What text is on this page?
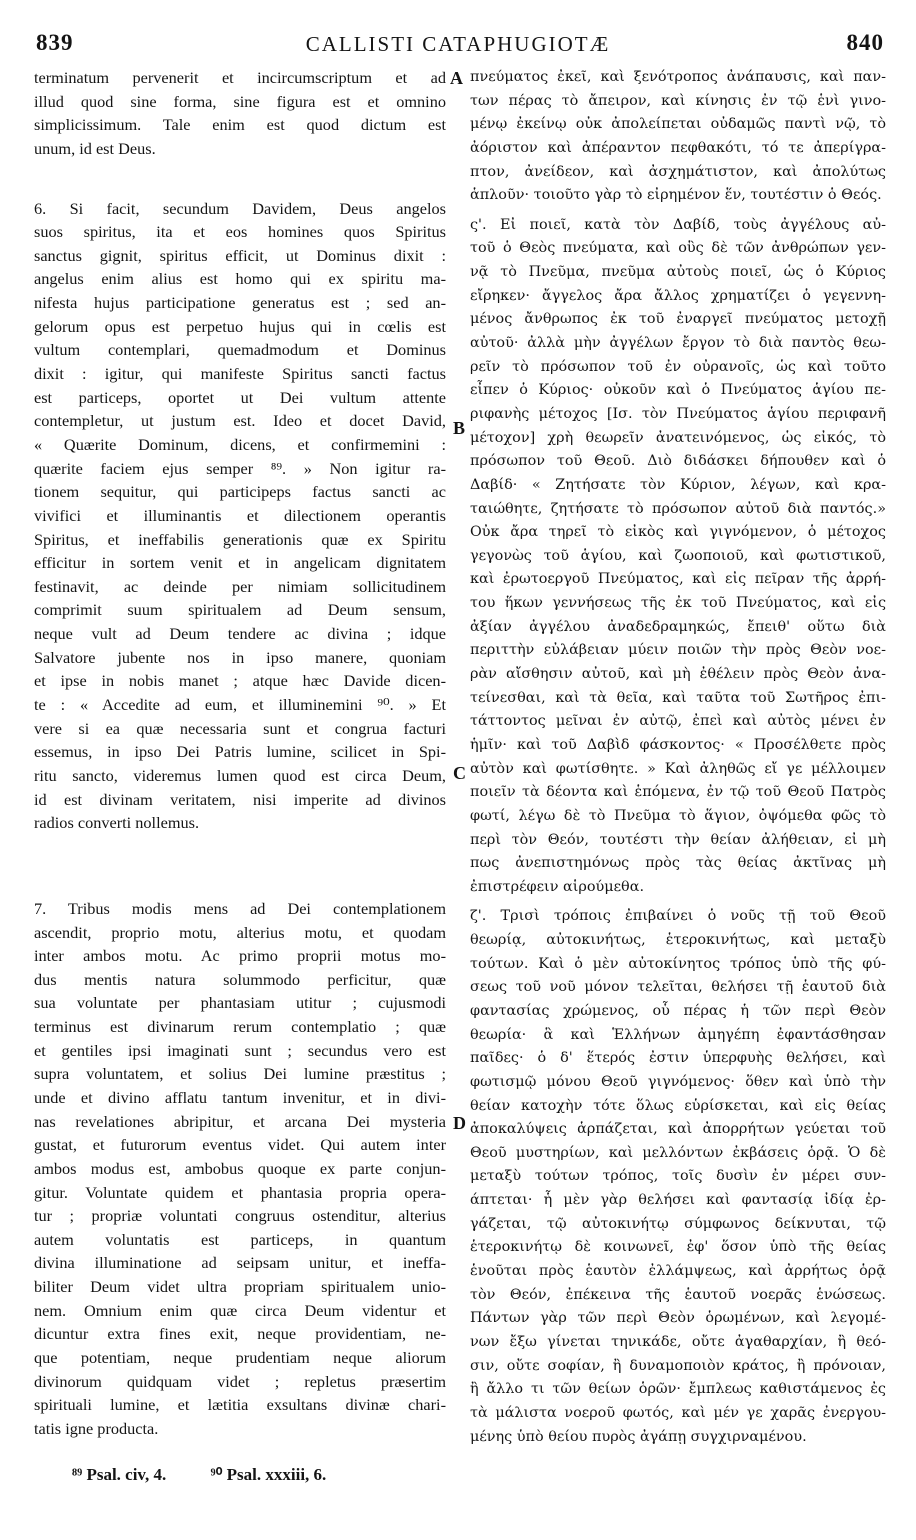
839	CALLISTI CATAPHUGIOTÆ	840
terminatum pervenerit et incircumscriptum et ad
illud quod sine forma, sine figura est et omnino
simplicissimum. Tale enim est quod dictum est
unum, id est Deus.
6. Si facit, secundum Davidem, Deus angelos
suos spiritus, ita et eos homines quos Spiritus
sanctus gignit, spiritus efficit, ut Dominus dixit :
angelus enim alius est homo qui ex spiritu ma-
nifesta hujus participatione generatus est ; sed an-
gelorum opus est perpetuo hujus qui in cœlis est
vultum contemplari, quemadmodum et Dominus
dixit : igitur, qui manifeste Spiritus sancti factus
est particeps, oportet ut Dei vultum attente
contempletur, ut justum est. Ideo et docet David,
« Quærite Dominum, dicens, et confirmemini :
quærite faciem ejus semper ⁸⁹. » Non igitur ra-
tionem sequitur, qui participeps factus sancti ac
vivifici et illuminantis et dilectionem operantis
Spiritus, et ineffabilis generationis quæ ex Spiritu
efficitur in sortem venit et in angelicam dignitatem
festinavit, ac deinde per nimiam sollicitudinem
comprimit suum spiritualem ad Deum sensum,
neque vult ad Deum tendere ac divina ; idque
Salvatore jubente nos in ipso manere, quoniam
et ipse in nobis manet ; atque hæc Davide dicen-
te : « Accedite ad eum, et illuminemini ⁹⁰. » Et
vere si ea quæ necessaria sunt et congrua facturi
essemus, in ipso Dei Patris lumine, scilicet in Spi-
ritu sancto, videremus lumen quod est circa Deum,
id est divinam veritatem, nisi imperite ad divinos
radios converti nollemus.
7. Tribus modis mens ad Dei contemplationem
ascendit, proprio motu, alterius motu, et quodam
inter ambos motu. Ac primo proprii motus mo-
dus mentis natura solummodo perficitur, quæ
sua voluntate per phantasiam utitur ; cujusmodi
terminus est divinarum rerum contemplatio ; quæ
et gentiles ipsi imaginati sunt ; secundus vero est
supra voluntatem, et solius Dei lumine præstitus ;
unde et divino afflatu tantum invenitur, et in divi-
nas revelationes abripitur, et arcana Dei mysteria
gustat, et futurorum eventus videt. Qui autem inter
ambos modus est, ambobus quoque ex parte conjun-
gitur. Voluntate quidem et phantasia propria opera-
tur ; propriæ voluntati congruus ostenditur, alterius
autem voluntatis est particeps, in quantum
divina illuminatione ad seipsam unitur, et ineffa-
biliter Deum videt ultra propriam spiritualem unio-
nem. Omnium enim quæ circa Deum videntur et
dicuntur extra fines exit, neque providentiam, ne-
que potentiam, neque prudentiam neque aliorum
divinorum quidquam videt ; repletus præsertim
spirituali lumine, et lætitia exsultans divinæ chari-
tatis igne producta.
πνεύματος ἐκεῖ, καὶ ξενότροπος ἀνάπαυσις, καὶ παν-
των πέρας τὸ ἄπειρον, καὶ κίνησις ἐν τῷ ἑνὶ γινο-
μένῳ ἐκείνῳ οὐκ ἀπολείπεται οὐδαμῶς παντὶ νῷ, τὸ
ἀόριστον καὶ ἀπέραντον πεφθακότι, τό τε ἀπερίγρα-
πτον, ἀνείδεον, καὶ ἀσχημάτιστον, καὶ ἀπολύτως
ἁπλοῦν· τοιοῦτο γὰρ τὸ εἰρημένον ἕν, τουτέστιν ὁ Θεός.
ς'. Εἰ ποιεῖ, κατὰ τὸν Δαβίδ, τοὺς ἀγγέλους αὐ-
τοῦ ὁ Θεὸς πνεύματα, καὶ οὓς δὲ τῶν ἀνθρώπων γεν-
νᾷ τὸ Πνεῦμα, πνεῦμα αὐτοὺς ποιεῖ, ὡς ὁ Κύριος
εἴρηκεν· ἄγγελος ἄρα ἄλλος χρηματίζει ὁ γεγεννη-
μένος ἄνθρωπος ἐκ τοῦ ἐναργεῖ πνεύματος μετοχῇ
αὐτοῦ· ἀλλὰ μὴν ἀγγέλων ἔργον τὸ διὰ παντὸς θεω-
ρεῖν τὸ πρόσωπον τοῦ ἐν οὐρανοῖς, ὡς καὶ τοῦτο
εἶπεν ὁ Κύριος· οὐκοῦν καὶ ὁ Πνεύματος ἁγίου πε-
ριφανὴς μέτοχος [Ισ. τὸν Πνεύματος ἁγίου περιφανῆ
μέτοχον] χρὴ θεωρεῖν ἀνατεινόμενος, ὡς εἰκός, τὸ
πρόσωπον τοῦ Θεοῦ. Διὸ διδάσκει δήπουθεν καὶ ὁ
Δαβίδ· « Ζητήσατε τὸν Κύριον, λέγων, καὶ κρα-
ταιώθητε, ζητήσατε τὸ πρόσωπον αὐτοῦ διὰ παντός.»
Οὐκ ἄρα τηρεῖ τὸ εἰκὸς καὶ γιγνόμενον, ὁ μέτοχος
γεγονὼς τοῦ ἁγίου, καὶ ζωοποιοῦ, καὶ φωτιστικοῦ,
καὶ ἐρωτοεργοῦ Πνεύματος, καὶ εἰς πεῖραν τῆς ἀρρή-
του ἥκων γεννήσεως τῆς ἐκ τοῦ Πνεύματος, καὶ εἰς
ἀξίαν ἀγγέλου ἀναδεδραμηκώς, ἔπειθ' οὕτω διὰ
περιττὴν εὐλάβειαν μύειν ποιῶν τὴν πρὸς Θεὸν νοε-
ρὰν αἴσθησιν αὐτοῦ, καὶ μὴ ἐθέλειν πρὸς Θεὸν ἀνα-
τείνεσθαι, καὶ τὰ θεῖα, καὶ ταῦτα τοῦ Σωτῆρος ἐπι-
τάττοντος μεῖναι ἐν αὐτῷ, ἐπεὶ καὶ αὐτὸς μένει ἐν
ἡμῖν· καὶ τοῦ Δαβὶδ φάσκοντος· « Προσέλθετε πρὸς
αὐτὸν καὶ φωτίσθητε. » Καὶ ἀληθῶς εἴ γε μέλλοιμεν
ποιεῖν τὰ δέοντα καὶ ἑπόμενα, ἐν τῷ τοῦ Θεοῦ Πατρὸς
φωτί, λέγω δὲ τὸ Πνεῦμα τὸ ἅγιον, ὀψόμεθα φῶς τὸ
περὶ τὸν Θεόν, τουτέστι τὴν θείαν ἀλήθειαν, εἰ μὴ
πως ἀνεπιστημόνως πρὸς τὰς θείας ἀκτῖνας μὴ
ἐπιστρέφειν αἱρούμεθα.
ζ'. Τρισὶ τρόποις ἐπιβαίνει ὁ νοῦς τῇ τοῦ Θεοῦ
θεωρίᾳ, αὐτοκινήτως, ἑτεροκινήτως, καὶ μεταξὺ
τούτων. Καὶ ὁ μὲν αὐτοκίνητος τρόπος ὑπὸ τῆς φύ-
σεως τοῦ νοῦ μόνον τελεῖται, θελήσει τῇ ἑαυτοῦ διὰ
φαντασίας χρώμενος, οὗ πέρας ἡ τῶν περὶ Θεὸν
θεωρία· ἃ καὶ Ἑλλήνων ἀμηγέπη ἐφαντάσθησαν
παῖδες· ὁ δ' ἕτερός ἐστιν ὑπερφυὴς θελήσει, καὶ
φωτισμῷ μόνου Θεοῦ γιγνόμενος· ὅθεν καὶ ὑπὸ τὴν
θείαν κατοχὴν τότε ὅλως εὑρίσκεται, καὶ εἰς θείας
ἀποκαλύψεις ἁρπάζεται, καὶ ἀπορρήτων γεύεται τοῦ
Θεοῦ μυστηρίων, καὶ μελλόντων ἐκβάσεις ὁρᾷ. Ὁ δὲ
μεταξὺ τούτων τρόπος, τοῖς δυσὶν ἐν μέρει συν-
άπτεται· ἧ μὲν γὰρ θελήσει καὶ φαντασίᾳ ἰδίᾳ ἐρ-
γάζεται, τῷ αὐτοκινήτῳ σύμφωνος δείκνυται, τῷ
ἑτεροκινήτῳ δὲ κοινωνεῖ, ἐφ' ὅσον ὑπὸ τῆς θείας
ἑνοῦται πρὸς ἑαυτὸν ἐλλάμψεως, καὶ ἀρρήτως ὁρᾷ
τὸν Θεόν, ἐπέκεινα τῆς ἑαυτοῦ νοερᾶς ἑνώσεως.
Πάντων γὰρ τῶν περὶ Θεὸν ὁρωμένων, καὶ λεγομέ-
νων ἔξω γίνεται τηνικάδε, οὔτε ἀγαθαρχίαν, ἢ θεό-
σιν, οὔτε σοφίαν, ἢ δυναμοποιὸν κράτος, ἢ πρόνοιαν,
ἢ ἄλλο τι τῶν θείων ὁρῶν· ἔμπλεως καθιστάμενος ἐς
τὰ μάλιστα νοεροῦ φωτός, καὶ μέν γε χαρᾶς ἐνεργου-
μένης ὑπὸ θείου πυρὸς ἀγάπῃ συγχιρναμένου.
A
B
C
D
⁸⁹ Psal. civ, 4.	⁹⁰ Psal. xxxiii, 6.
